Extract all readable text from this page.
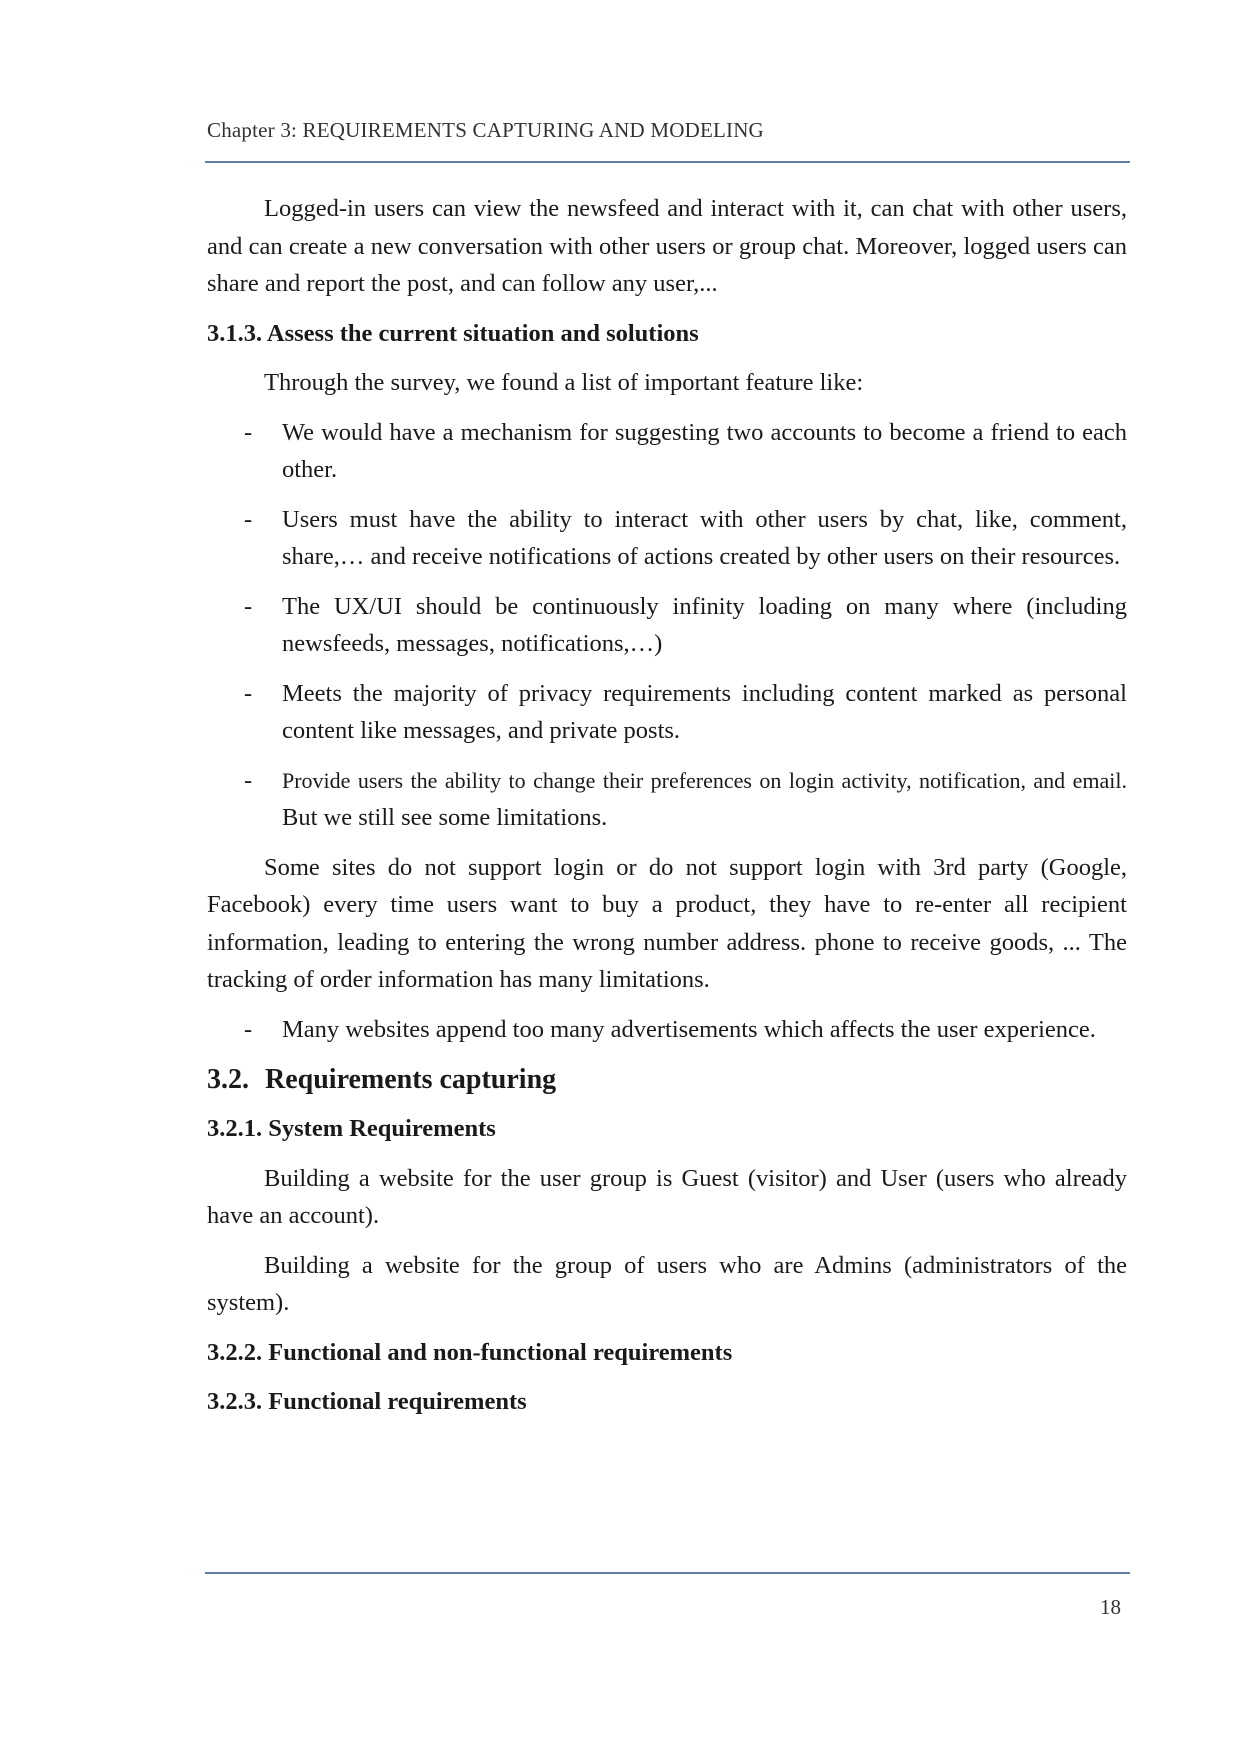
Chapter 3: REQUIREMENTS CAPTURING AND MODELING

Logged-in users can view the newsfeed and interact with it, can chat with other users, and can create a new conversation with other users or group chat. Moreover, logged users can share and report the post, and can follow any user,...

3.1.3. Assess the current situation and solutions

Through the survey, we found a list of important feature like:

- We would have a mechanism for suggesting two accounts to become a friend to each other.
- Users must have the ability to interact with other users by chat, like, comment, share,… and receive notifications of actions created by other users on their resources.
- The UX/UI should be continuously infinity loading on many where (including newsfeeds, messages, notifications,…)
- Meets the majority of privacy requirements including content marked as personal content like messages, and private posts.
- Provide users the ability to change their preferences on login activity, notification, and email. But we still see some limitations.

Some sites do not support login or do not support login with 3rd party (Google, Facebook) every time users want to buy a product, they have to re-enter all recipient information, leading to entering the wrong number address. phone to receive goods, ... The tracking of order information has many limitations.

- Many websites append too many advertisements which affects the user experience.
3.2. Requirements capturing
3.2.1. System Requirements

Building a website for the user group is Guest (visitor) and User (users who already have an account).

Building a website for the group of users who are Admins (administrators of the system).

3.2.2. Functional and non-functional requirements
3.2.3. Functional requirements
18
